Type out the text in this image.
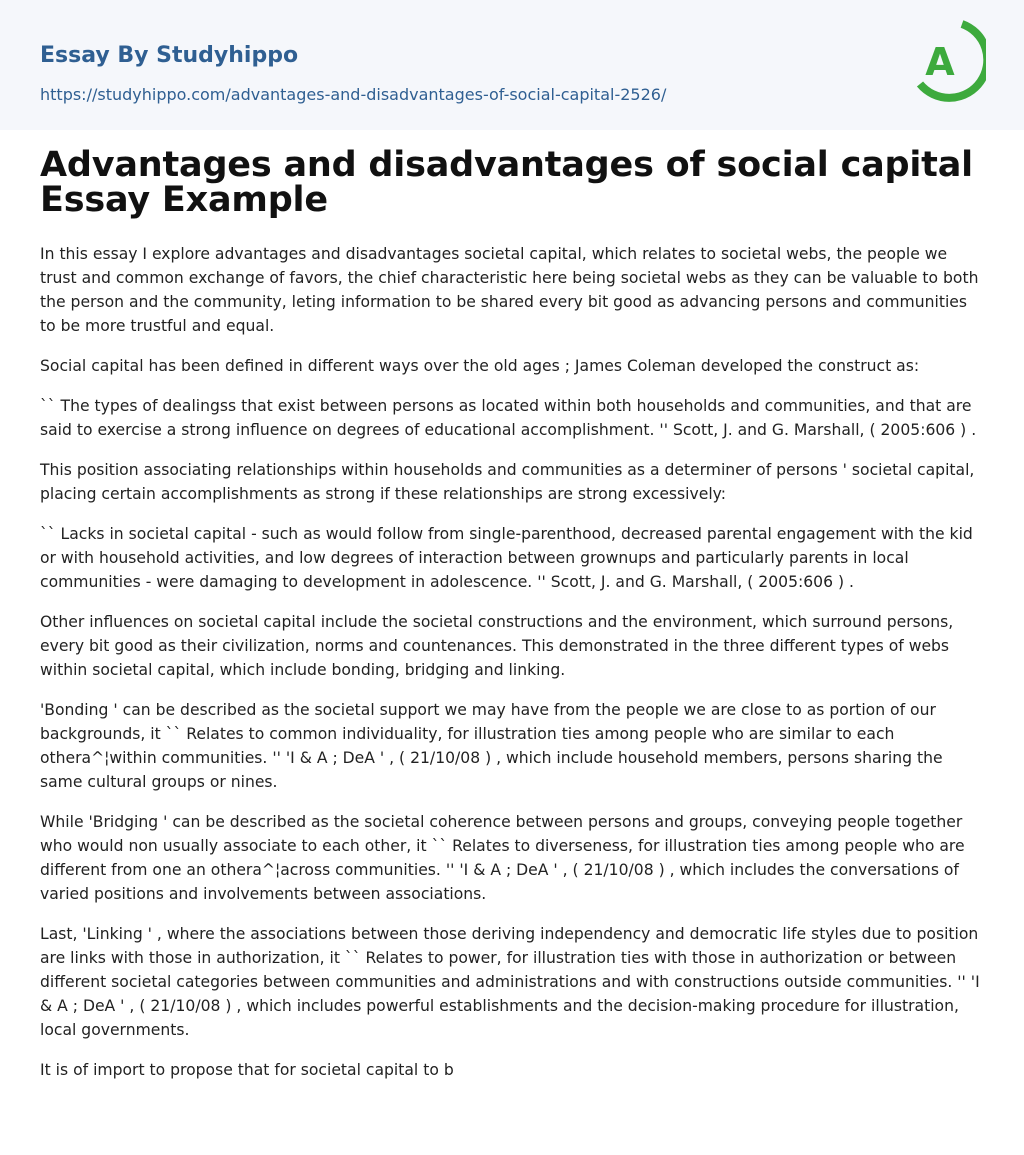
Essay By Studyhippo
https://studyhippo.com/advantages-and-disadvantages-of-social-capital-2526/
A
Advantages and disadvantages of social capital Essay Example

In this essay I explore advantages and disadvantages societal capital, which relates to societal webs, the people we trust and common exchange of favors, the chief characteristic here being societal webs as they can be valuable to both the person and the community, leting information to be shared every bit good as advancing persons and communities to be more trustful and equal.

Social capital has been defined in different ways over the old ages ; James Coleman developed the construct as:

`` The types of dealingss that exist between persons as located within both households and communities, and that are said to exercise a strong influence on degrees of educational accomplishment. '' Scott, J. and G. Marshall, ( 2005:606 ) .

This position associating relationships within households and communities as a determiner of persons ' societal capital, placing certain accomplishments as strong if these relationships are strong excessively:

`` Lacks in societal capital - such as would follow from single-parenthood, decreased parental engagement with the kid or with household activities, and low degrees of interaction between grownups and particularly parents in local communities - were damaging to development in adolescence. '' Scott, J. and G. Marshall, ( 2005:606 ) .

Other influences on societal capital include the societal constructions and the environment, which surround persons, every bit good as their civilization, norms and countenances. This demonstrated in the three different types of webs within societal capital, which include bonding, bridging and linking.

'Bonding ' can be described as the societal support we may have from the people we are close to as portion of our backgrounds, it `` Relates to common individuality, for illustration ties among people who are similar to each othera^¦within communities. '' 'I & A ; DeA ' , ( 21/10/08 ) , which include household members, persons sharing the same cultural groups or nines.

While 'Bridging ' can be described as the societal coherence between persons and groups, conveying people together who would non usually associate to each other, it `` Relates to diverseness, for illustration ties among people who are different from one an othera^¦across communities. '' 'I & A ; DeA ' , ( 21/10/08 ) , which includes the conversations of varied positions and involvements between associations.

Last, 'Linking ' , where the associations between those deriving independency and democratic life styles due to position are links with those in authorization, it `` Relates to power, for illustration ties with those in authorization or between different societal categories between communities and administrations and with constructions outside communities. '' 'I & A ; DeA ' , ( 21/10/08 ) , which includes powerful establishments and the decision-making procedure for illustration, local governments.

It is of import to propose that for societal capital to b
